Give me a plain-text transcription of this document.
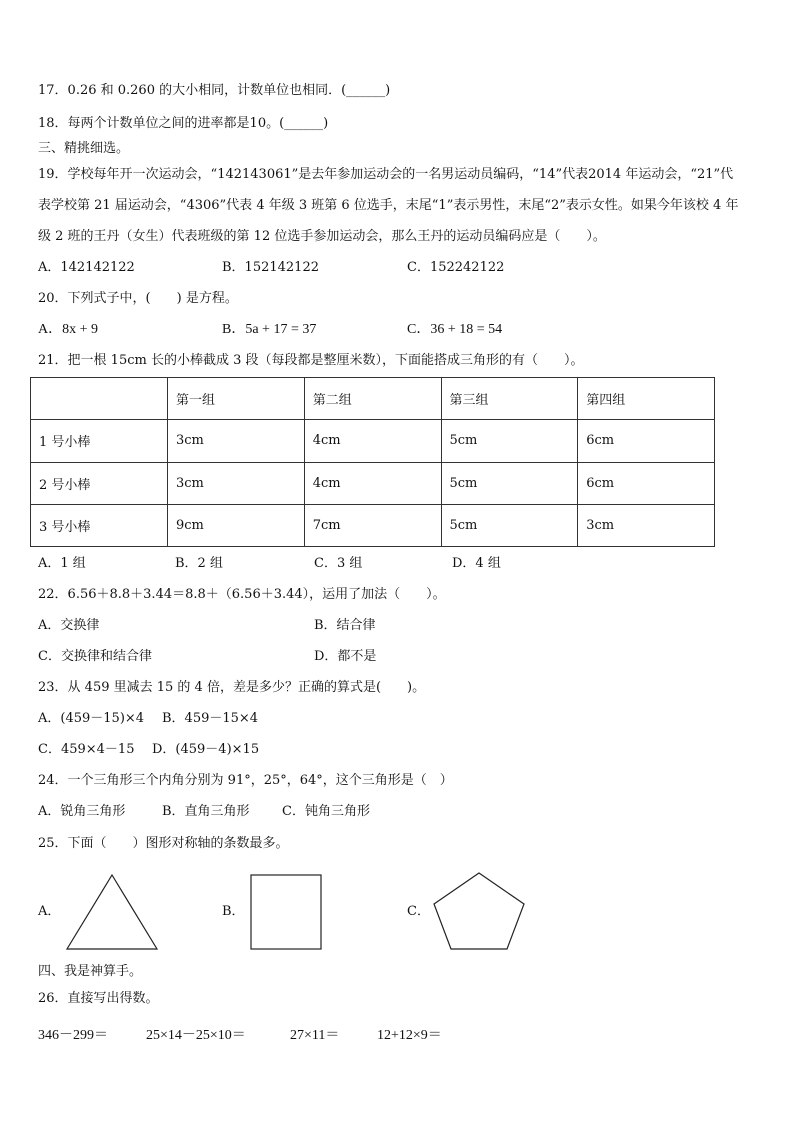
17．0.26 和 0.260 的大小相同，计数单位也相同．(______)
18．每两个计数单位之间的进率都是10。(______)
三、精挑细选。
19．学校每年开一次运动会，“142143061”是去年参加运动会的一名男运动员编码，“14”代表2014 年运动会，“21”代
表学校第 21 届运动会，“4306”代表 4 年级 3 班第 6 位选手，末尾“1”表示男性，末尾“2”表示女性。如果今年该校 4 年
级 2 班的王丹（女生）代表班级的第 12 位选手参加运动会，那么王丹的运动员编码应是（　　）。
A．142142122	B．152142122	C．152242122
20．下列式子中，(　　) 是方程。
A．8x + 9	B．5a + 17 = 37	C．36 + 18 = 54
21．把一根 15cm 长的小棒截成 3 段（每段都是整厘米数），下面能搭成三角形的有（　　）。
	第一组	第二组	第三组	第四组
1 号小棒	3cm	4cm	5cm	6cm
2 号小棒	3cm	4cm	5cm	6cm
3 号小棒	9cm	7cm	5cm	3cm
A．1 组	B．2 组	C．3 组	D．4 组
22．6.56＋8.8＋3.44＝8.8＋（6.56＋3.44），运用了加法（　　）。
A．交换律	B．结合律
C．交换律和结合律	D．都不是
23．从 459 里减去 15 的 4 倍，差是多少？正确的算式是(　　)。
A．(459－15)×4 B．459－15×4
C．459×4－15 D．(459－4)×15
24．一个三角形三个内角分别为 91°，25°，64°，这个三角形是（　）
A．锐角三角形	B．直角三角形 C．钝角三角形
25．下面（　　）图形对称轴的条数最多。
A．	B．	C．
四、我是神算手。
26．直接写出得数。
346－299＝	25×14－25×10＝	27×11＝	12+12×9＝
